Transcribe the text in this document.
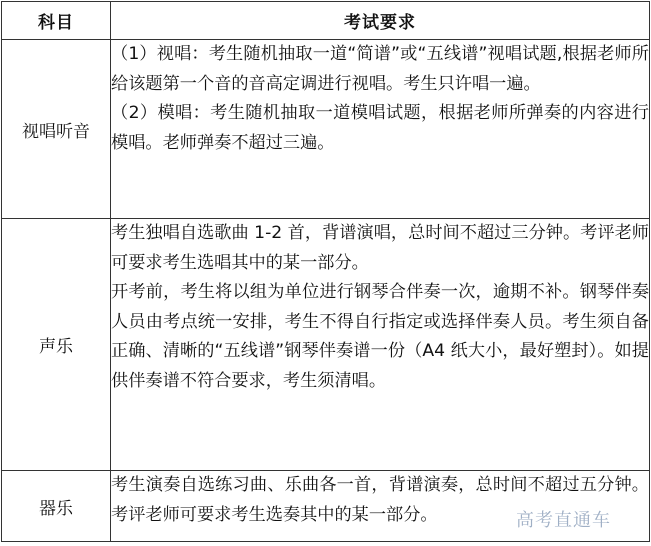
科目	考试要求
视唱听音	（1）视唱：考生随机抽取一道“简谱”或“五线谱”视唱试题,根据老师所给该题第一个音的音高定调进行视唱。考生只许唱一遍。

（2）模唱：考生随机抽取一道模唱试题，根据老师所弹奏的内容进行模唱。老师弹奏不超过三遍。

声乐	考生独唱自选歌曲 1-2 首，背谱演唱，总时间不超过三分钟。考评老师可要求考生选唱其中的某一部分。

开考前，考生将以组为单位进行钢琴合伴奏一次，逾期不补。钢琴伴奏人员由考点统一安排，考生不得自行指定或选择伴奏人员。考生须自备正确、清晰的“五线谱”钢琴伴奏谱一份（A4 纸大小，最好塑封）。如提供伴奏谱不符合要求，考生须清唱。

器乐	考生演奏自选练习曲、乐曲各一首，背谱演奏，总时间不超过五分钟。考评老师可要求考生选奏其中的某一部分。	高考直通车
